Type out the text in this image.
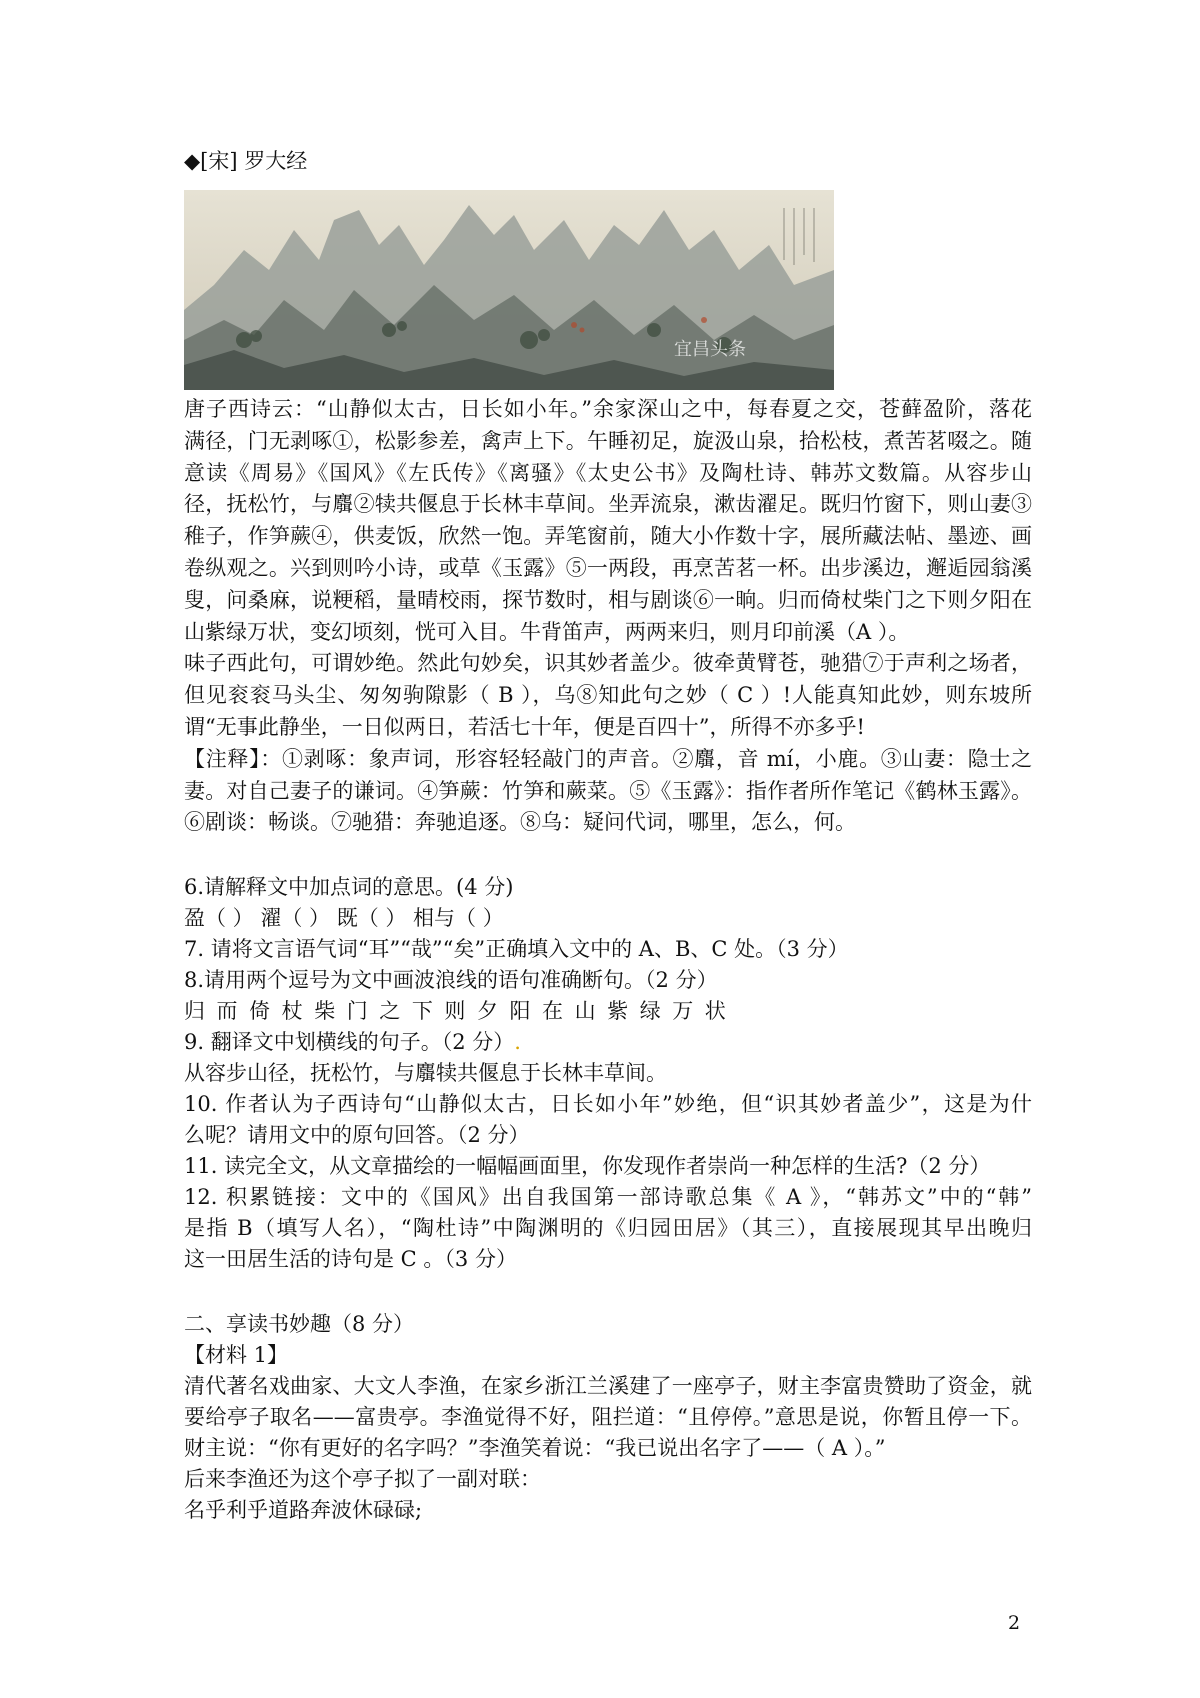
◆[宋] 罗大经
宜昌头条
唐子西诗云：“山静似太古，日长如小年。”余家深山之中，每春夏之交，苍藓盈阶，落花
满径，门无剥啄①，松影参差，禽声上下。午睡初足，旋汲山泉，拾松枝，煮苦茗啜之。随
意读《周易》《国风》《左氏传》《离骚》《太史公书》及陶杜诗、韩苏文数篇。从容步山
径，抚松竹，与麛②犊共偃息于长林丰草间。坐弄流泉，漱齿濯足。既归竹窗下，则山妻③
稚子，作笋蕨④，供麦饭，欣然一饱。弄笔窗前，随大小作数十字，展所藏法帖、墨迹、画
卷纵观之。兴到则吟小诗，或草《玉露》⑤一两段，再烹苦茗一杯。出步溪边，邂逅园翁溪
叟，问桑麻，说粳稻，量晴校雨，探节数时，相与剧谈⑥一晌。归而倚杖柴门之下则夕阳在
山紫绿万状，变幻顷刻，恍可入目。牛背笛声，两两来归，则月印前溪（A ）。
味子西此句，可谓妙绝。然此句妙矣，识其妙者盖少。彼牵黄臂苍，驰猎⑦于声利之场者，
但见衮衮马头尘、匆匆驹隙影（ B ），乌⑧知此句之妙（ C ）!人能真知此妙，则东坡所
谓“无事此静坐，一日似两日，若活七十年，便是百四十”，所得不亦多乎!
【注释】：①剥啄：象声词，形容轻轻敲门的声音。②麛，音 mí，小鹿。③山妻：隐士之
妻。对自己妻子的谦词。④笋蕨：竹笋和蕨菜。⑤《玉露》：指作者所作笔记《鹤林玉露》。
⑥剧谈：畅谈。⑦驰猎：奔驰追逐。⑧乌：疑问代词，哪里，怎么，何。
6.请解释文中加点词的意思。(4 分)
盈（ ） 濯（ ） 既（ ） 相与（ ）
7. 请将文言语气词“耳”“哉”“矣”正确填入文中的 A、B、C 处。（3 分）
8.请用两个逗号为文中画波浪线的语句准确断句。（2 分）
归而倚杖柴门之下则夕阳在山紫绿万状
9. 翻译文中划横线的句子。（2 分）.
从容步山径，抚松竹，与麛犊共偃息于长林丰草间。
10. 作者认为子西诗句“山静似太古，日长如小年”妙绝，但“识其妙者盖少”，这是为什
么呢？请用文中的原句回答。（2 分）
11. 读完全文，从文章描绘的一幅幅画面里，你发现作者崇尚一种怎样的生活?（2 分）
12. 积累链接：文中的《国风》出自我国第一部诗歌总集《 A 》，“韩苏文”中的“韩”
是指 B（填写人名），“陶杜诗”中陶渊明的《归园田居》（其三），直接展现其早出晚归
这一田居生活的诗句是 C 。（3 分）
二、享读书妙趣（8 分）
【材料 1】
清代著名戏曲家、大文人李渔，在家乡浙江兰溪建了一座亭子，财主李富贵赞助了资金，就
要给亭子取名——富贵亭。李渔觉得不好，阻拦道：“且停停。”意思是说，你暂且停一下。
财主说：“你有更好的名字吗？”李渔笑着说：“我已说出名字了——（ A ）。”
后来李渔还为这个亭子拟了一副对联：
名乎利乎道路奔波休碌碌;
2
